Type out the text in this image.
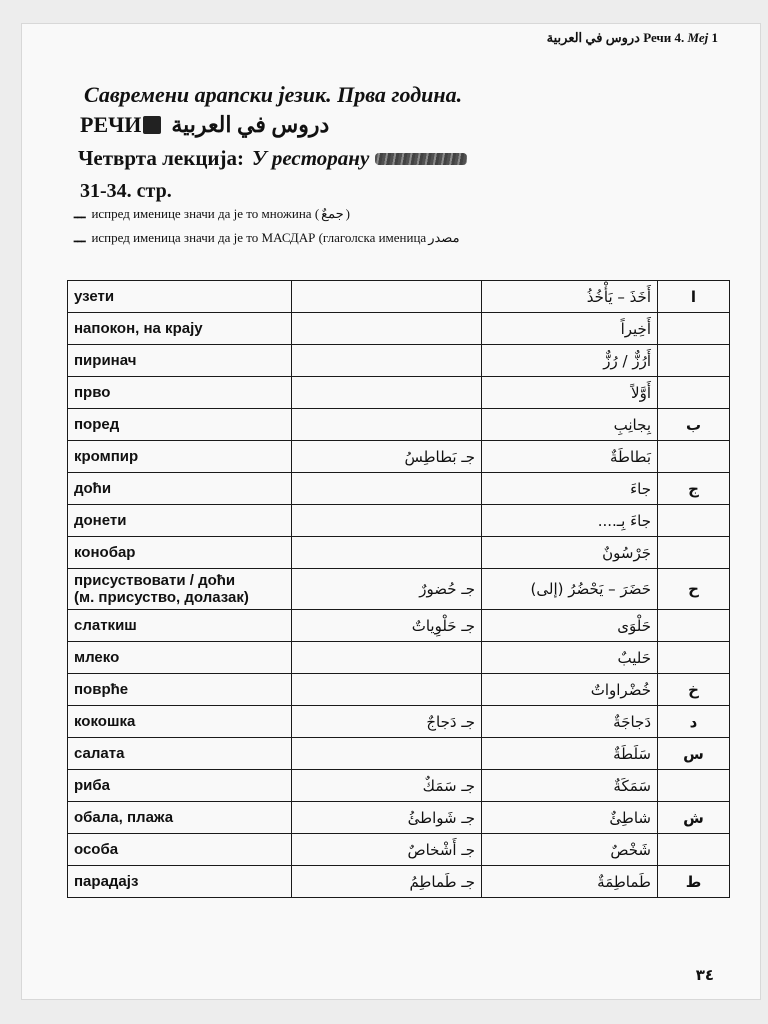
دروس في العربية Речи 4. Меј 1
Савремени арапски језик. Прва година.
РЕЧИ دروس في العربية
Четврта лекција: У ресторану
31-34. стр.
ـــ испред именице значи да је то множина ( جمعٌ )
ـــ испред именица значи да је то МАСДАР (глаголска именица مصدر
узети		أَخَذَ – يَأْخُذُ	ا
напокон, на крају		أَخِيراً	
пиринач		أَرُزٌّ / رُزٌّ	
прво		أَوَّلاً	
поред		بِجانِبِ	ب
кромпир	جـ بَطاطِسُ	بَطاطَةٌ	
доћи		جاءَ	ج
донети		جاءَ بِـ....	
конобар		جَرْسُونٌ	
присуствовати / доћи
(м. присуство, долазак)	جـ حُضورٌ	حَضَرَ – يَحْضُرُ (إلى)	ح
слаткиш	جـ حَلْوِياتٌ	حَلْوَى	
млеко		حَليبٌ	
поврће		خُضْراواتٌ	خ
кокошка	جـ دَجاجٌ	دَجاجَةٌ	د
салата		سَلَطَةٌ	س
риба	جـ سَمَكٌ	سَمَكَةٌ	
обала, плажа	جـ شَواطئُ	شاطِئٌ	ش
особа	جـ أَشْخاصٌ	شَخْصٌ	
парадајз	جـ طَماطِمُ	طَماطِمَةٌ	ط
٣٤
